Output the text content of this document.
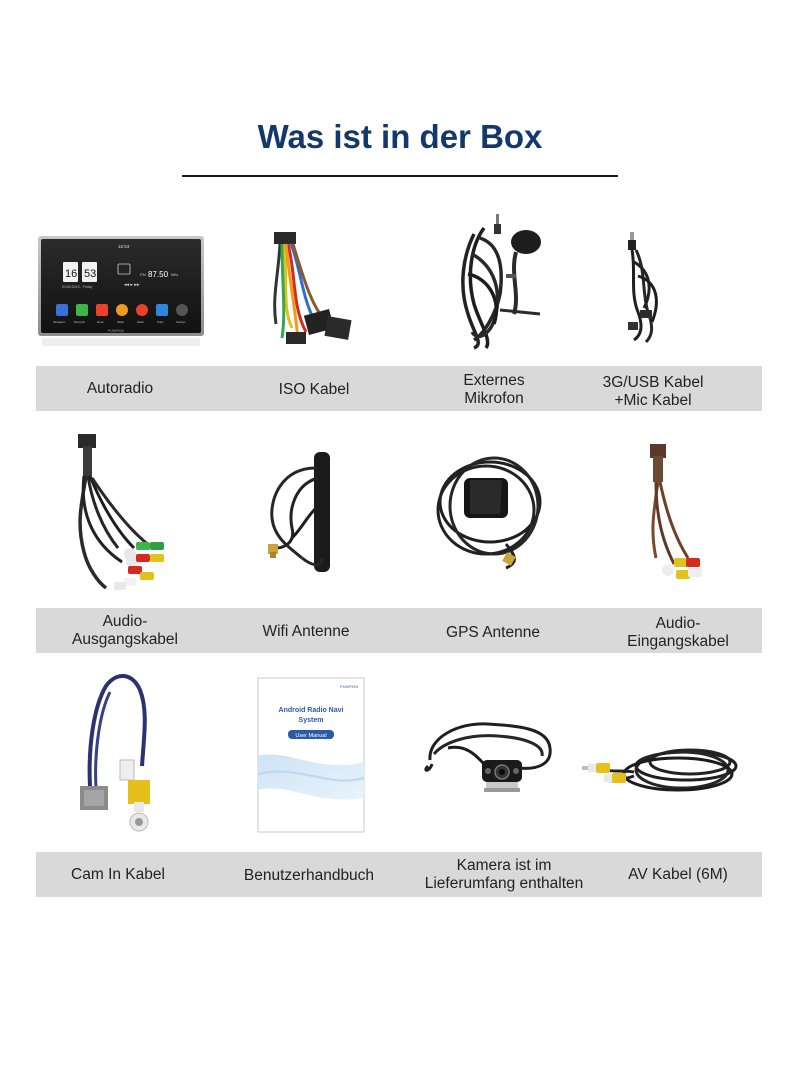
Was ist in der Box
Autoradio	ISO Kabel
Externes
Mikrofon
3G/USB Kabel
+Mic Kabel
Audio-
Ausgangskabel	Wifi Antenne	GPS Antenne
Audio-
Eingangskabel
Cam In Kabel	Benutzerhandbuch
Kamera ist im
Lieferumfang enthalten
AV Kabel (6M)
16:53
16 53
01/01/2013 - Friday
FM 87.50 MHz
◂◂ ▸ ▸▸
Navigation	Bluetooth	Music	Radio	Radio	Video	Settings
PUMPKIN
PUMPKIN
Android Radio Navi
System
User Manual
